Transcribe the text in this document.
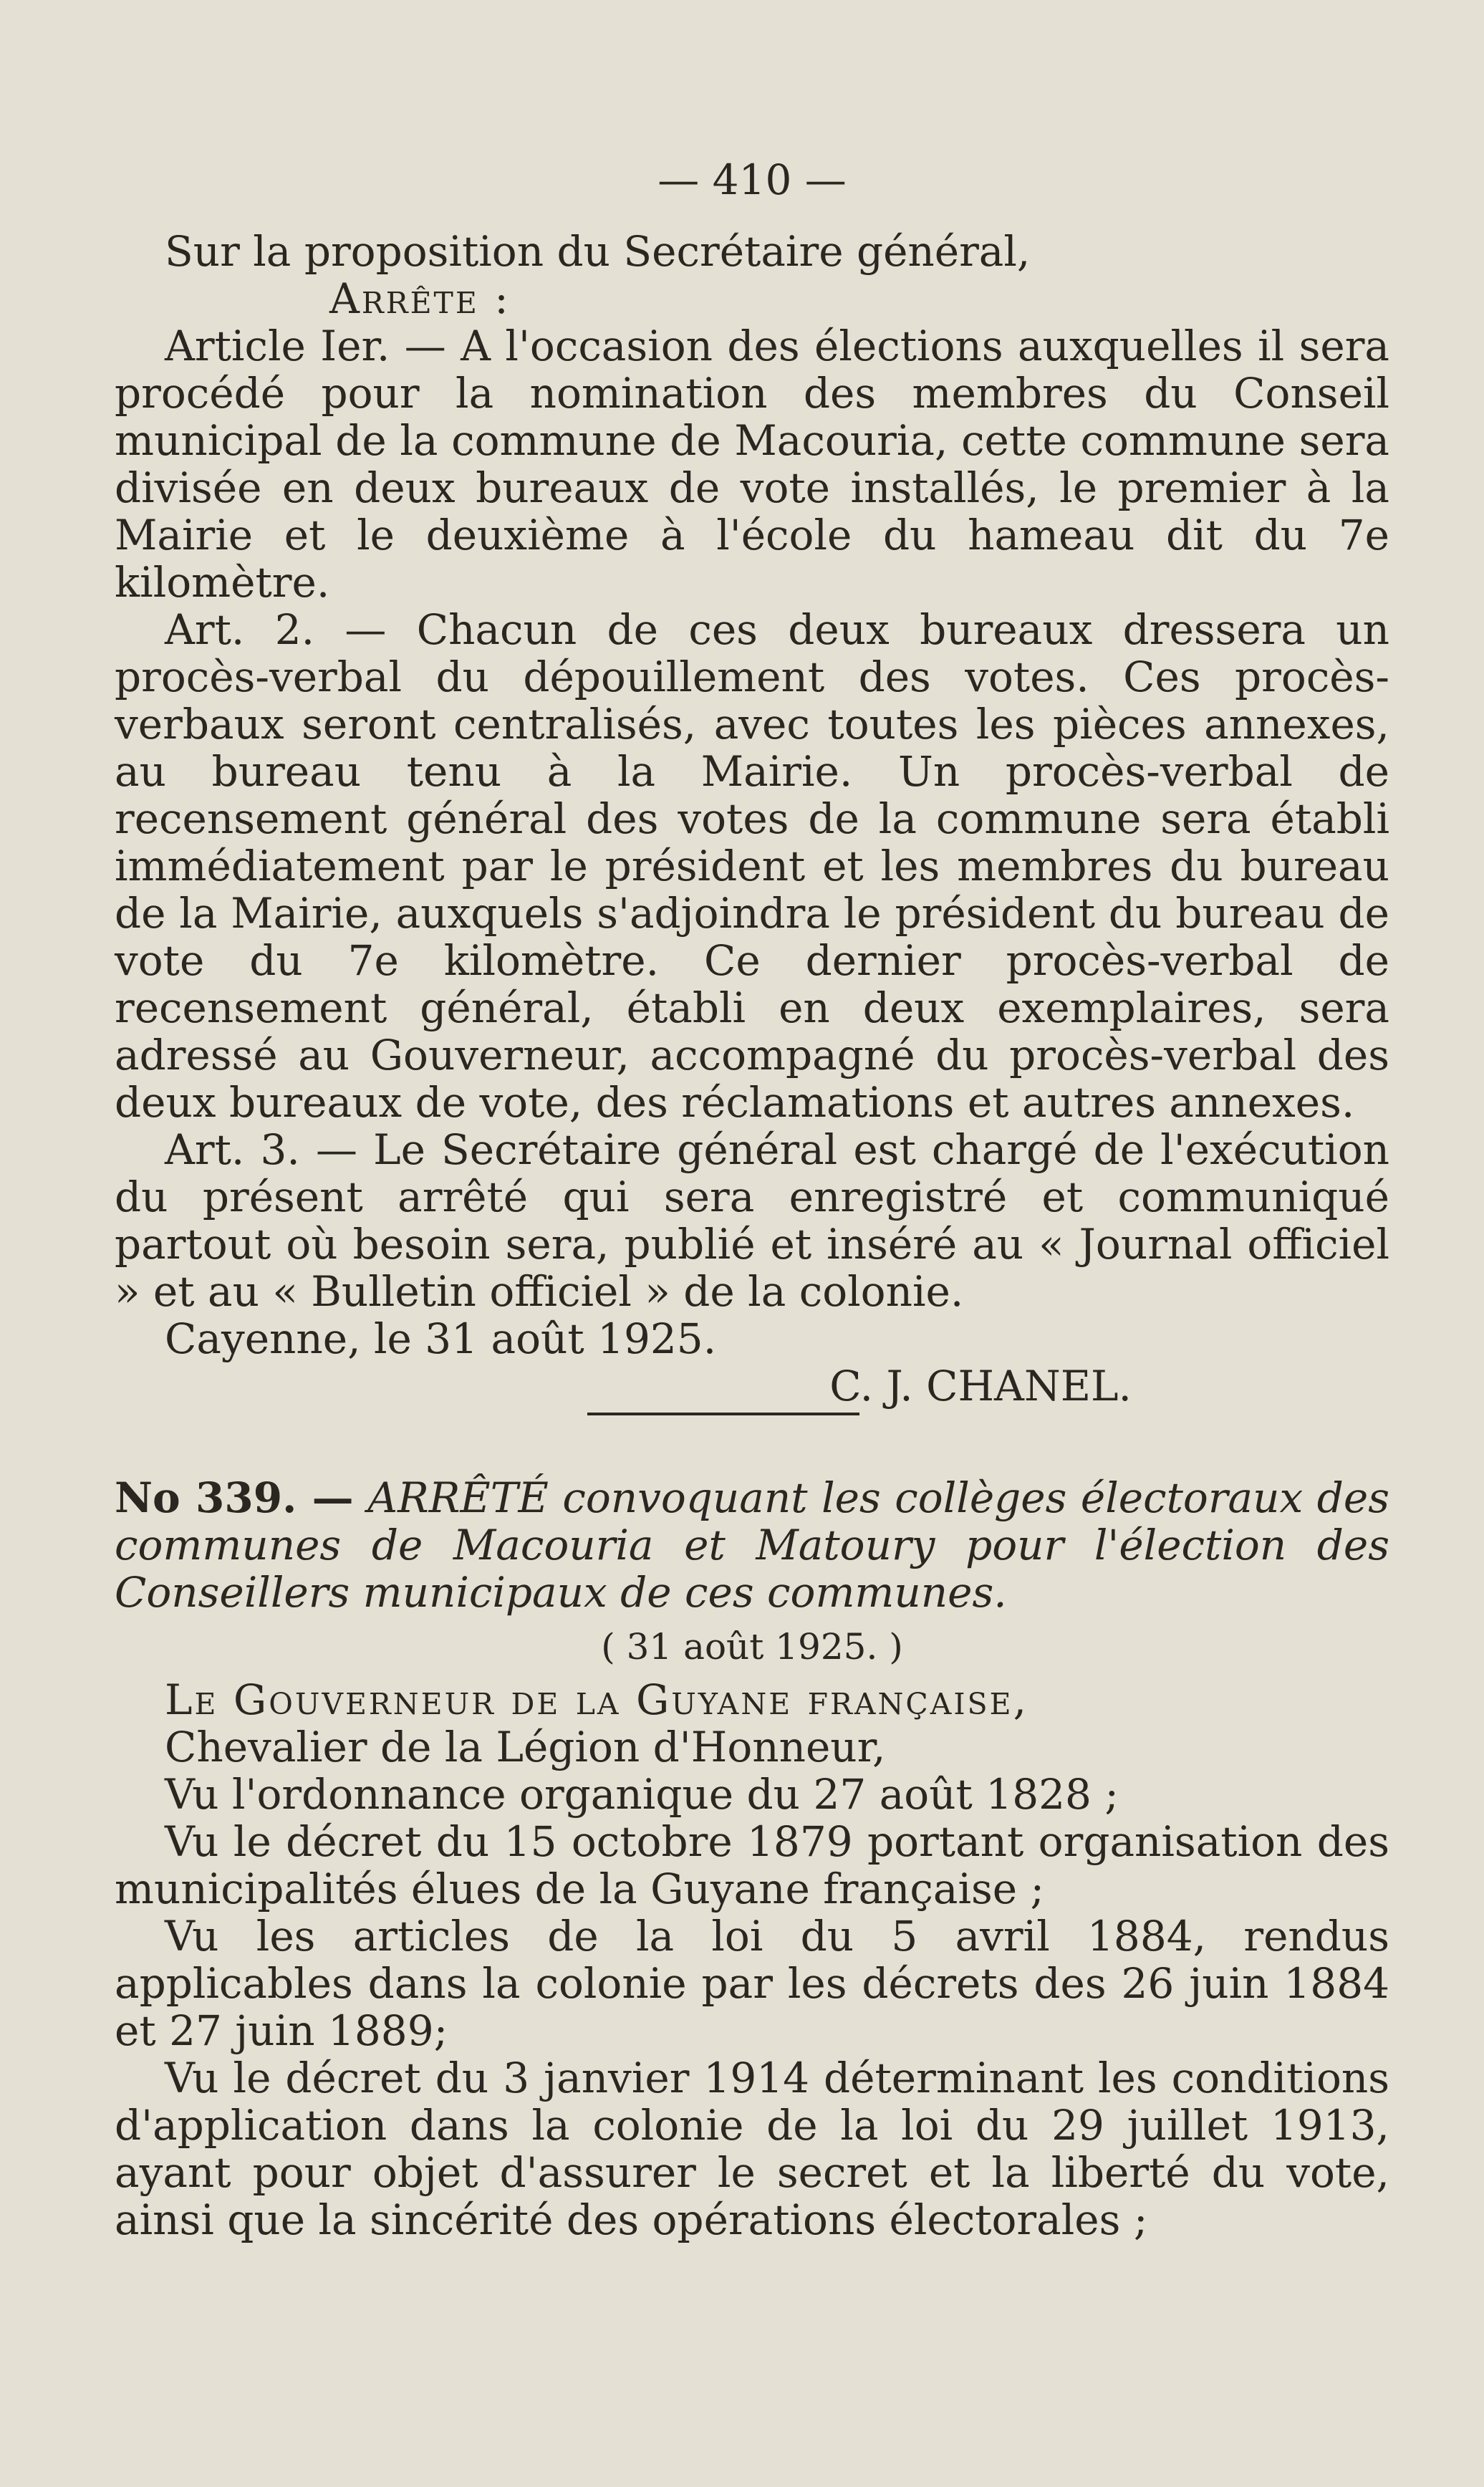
— 410 —

Sur la proposition du Secrétaire général,

Arrête :

Article Ier. — A l'occasion des élections auxquelles il sera procédé pour la nomination des membres du Conseil municipal de la commune de Macouria, cette commune sera divisée en deux bureaux de vote installés, le premier à la Mairie et le deuxième à l'école du hameau dit du 7e kilomètre.

Art. 2. — Chacun de ces deux bureaux dressera un procès-verbal du dépouillement des votes. Ces procès-verbaux seront centralisés, avec toutes les pièces annexes, au bureau tenu à la Mairie. Un procès-verbal de recensement général des votes de la commune sera établi immédiatement par le président et les membres du bureau de la Mairie, auxquels s'adjoindra le président du bureau de vote du 7e kilomètre. Ce dernier procès-verbal de recensement général, établi en deux exemplaires, sera adressé au Gouverneur, accompagné du procès-verbal des deux bureaux de vote, des réclamations et autres annexes.

Art. 3. — Le Secrétaire général est chargé de l'exécution du présent arrêté qui sera enregistré et communiqué partout où besoin sera, publié et inséré au « Journal officiel » et au « Bulletin officiel » de la colonie.

Cayenne, le 31 août 1925.

C. J. CHANEL.

No 339. — ARRÊTÉ convoquant les collèges électoraux des communes de Macouria et Matoury pour l'élection des Conseillers municipaux de ces communes.

( 31 août 1925. )

Le Gouverneur de la Guyane française,

Chevalier de la Légion d'Honneur,

Vu l'ordonnance organique du 27 août 1828 ;

Vu le décret du 15 octobre 1879 portant organisation des municipalités élues de la Guyane française ;

Vu les articles de la loi du 5 avril 1884, rendus applicables dans la colonie par les décrets des 26 juin 1884 et 27 juin 1889;

Vu le décret du 3 janvier 1914 déterminant les conditions d'application dans la colonie de la loi du 29 juillet 1913, ayant pour objet d'assurer le secret et la liberté du vote, ainsi que la sincérité des opérations électorales ;
